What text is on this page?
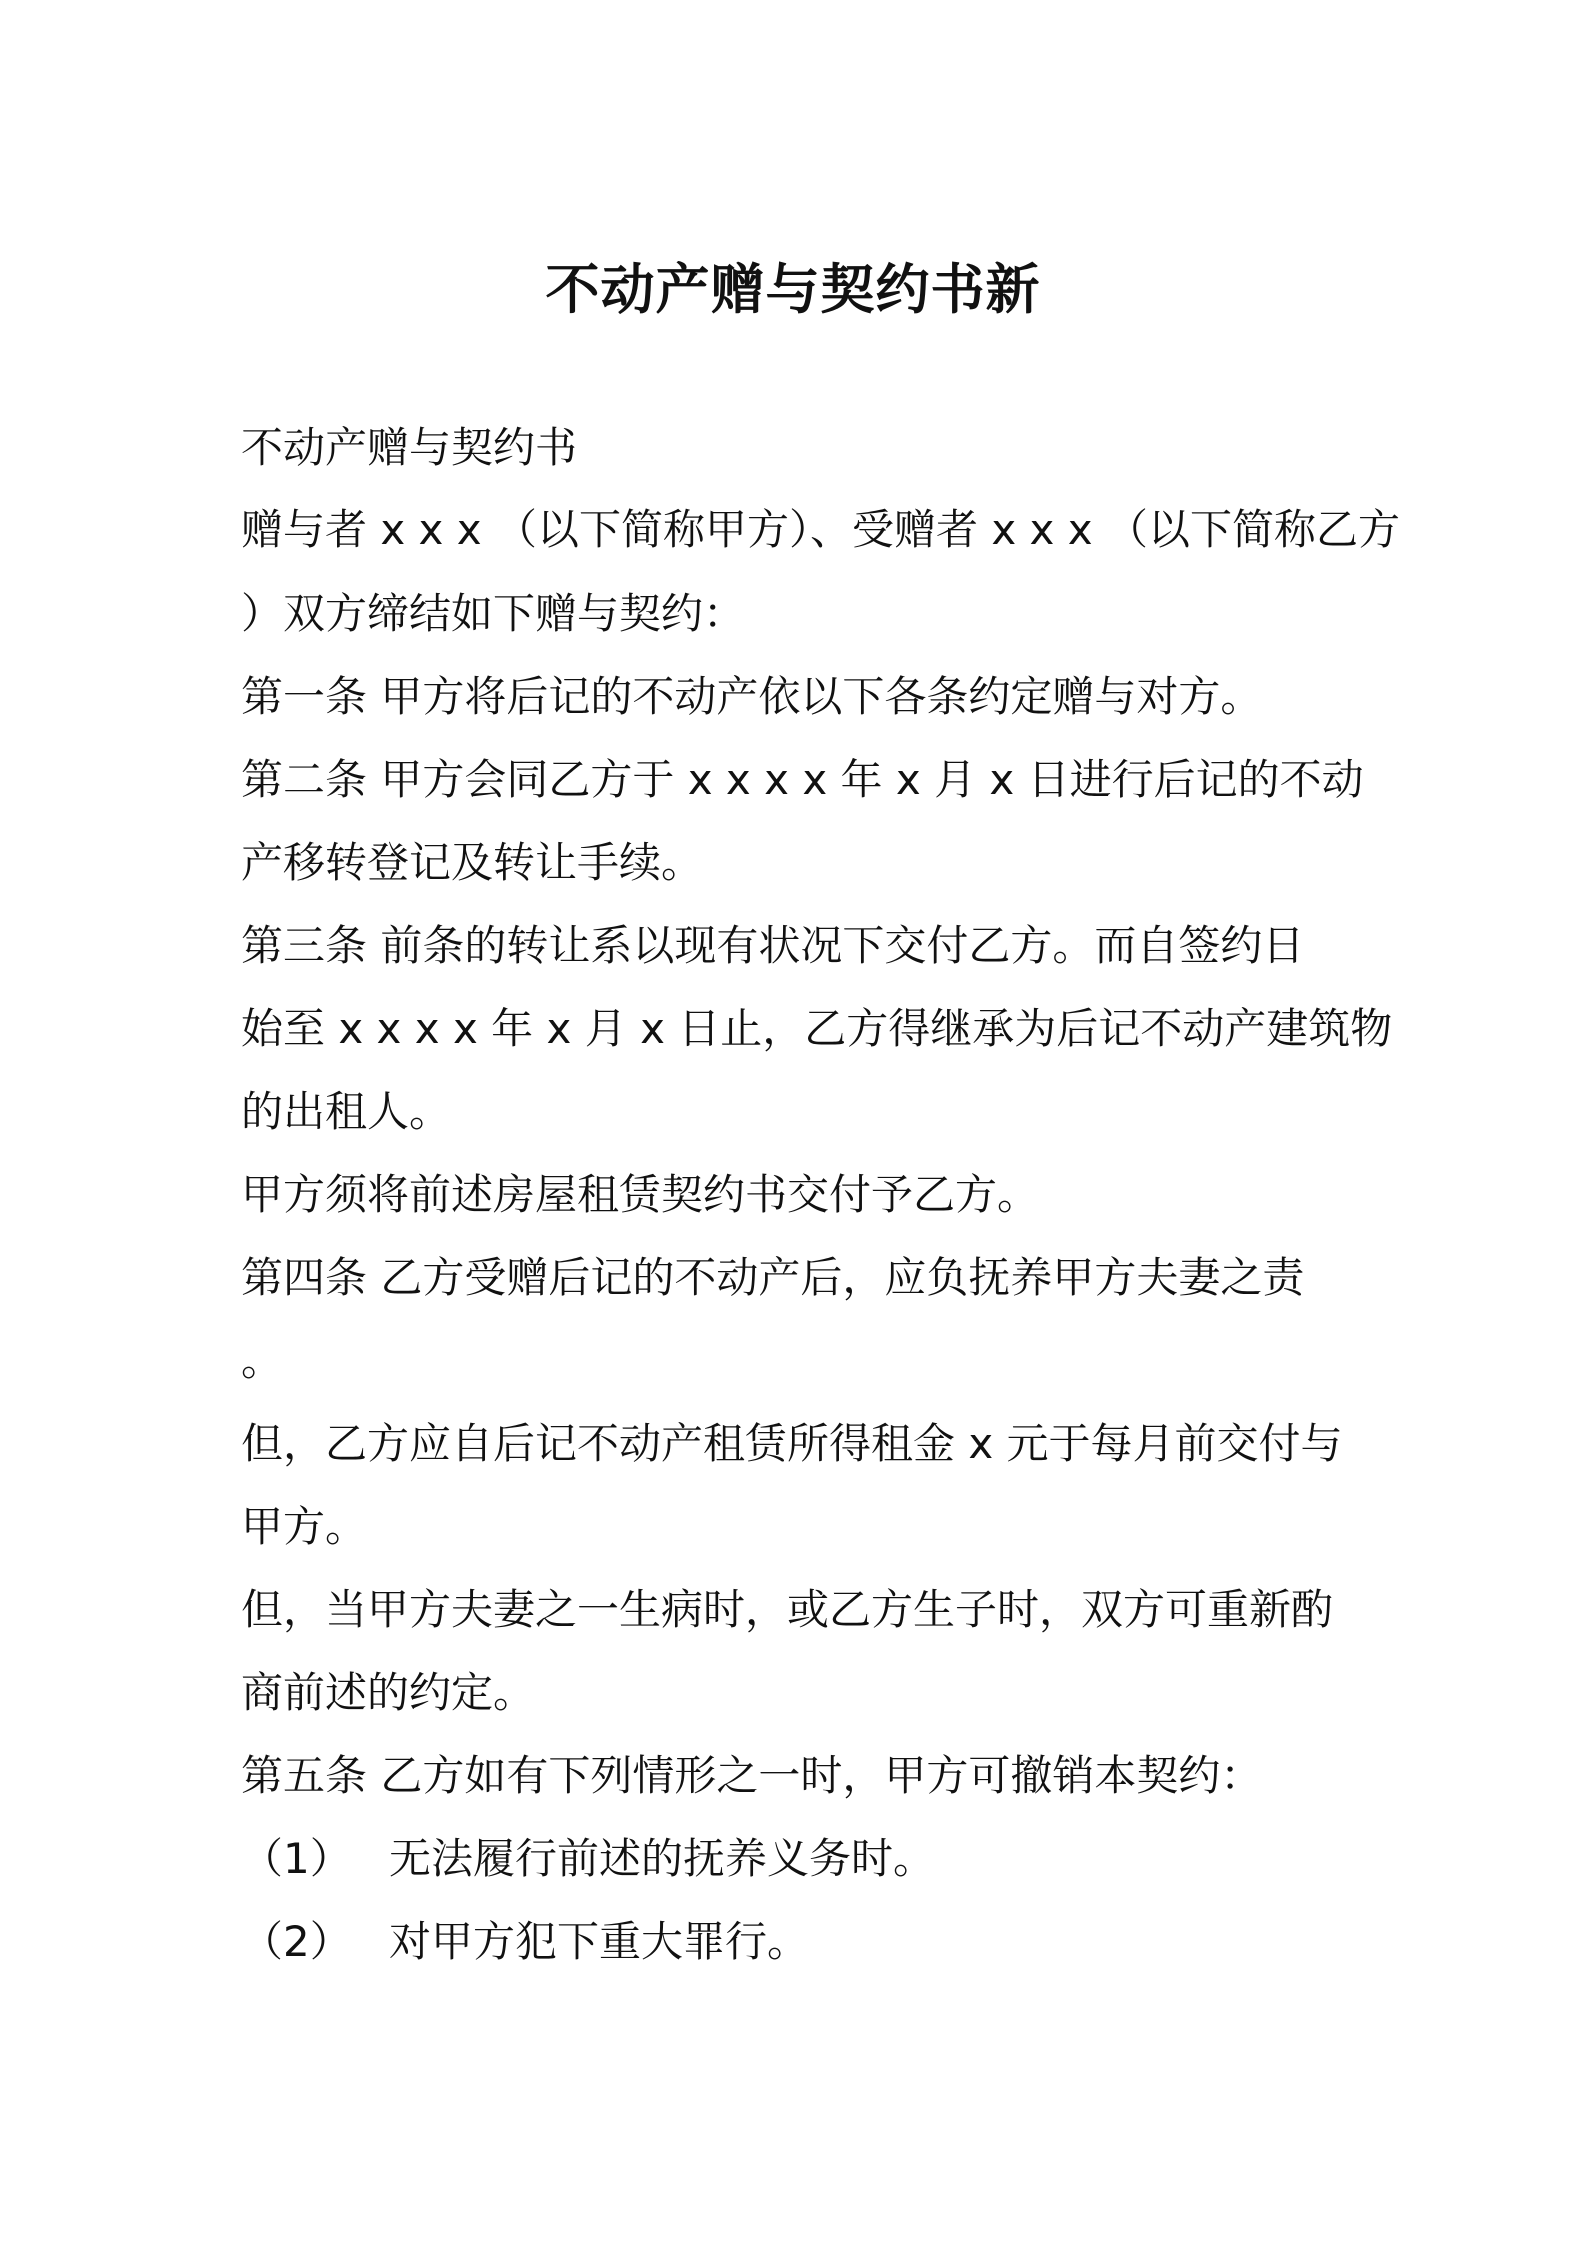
不动产赠与契约书新
不动产赠与契约书
赠与者 x x x （以下简称甲方）、受赠者 x x x （以下简称乙方
）双方缔结如下赠与契约：
第一条 甲方将后记的不动产依以下各条约定赠与对方。
第二条 甲方会同乙方于 x x x x 年 x 月 x 日进行后记的不动
产移转登记及转让手续。
第三条 前条的转让系以现有状况下交付乙方。而自签约日
始至 x x x x 年 x 月 x 日止，乙方得继承为后记不动产建筑物
的出租人。
甲方须将前述房屋租赁契约书交付予乙方。
第四条 乙方受赠后记的不动产后，应负抚养甲方夫妻之责
。
但，乙方应自后记不动产租赁所得租金 x 元于每月前交付与
甲方。
但，当甲方夫妻之一生病时，或乙方生子时，双方可重新酌
商前述的约定。
第五条 乙方如有下列情形之一时，甲方可撤销本契约：
（1） 无法履行前述的抚养义务时。
（2） 对甲方犯下重大罪行。
